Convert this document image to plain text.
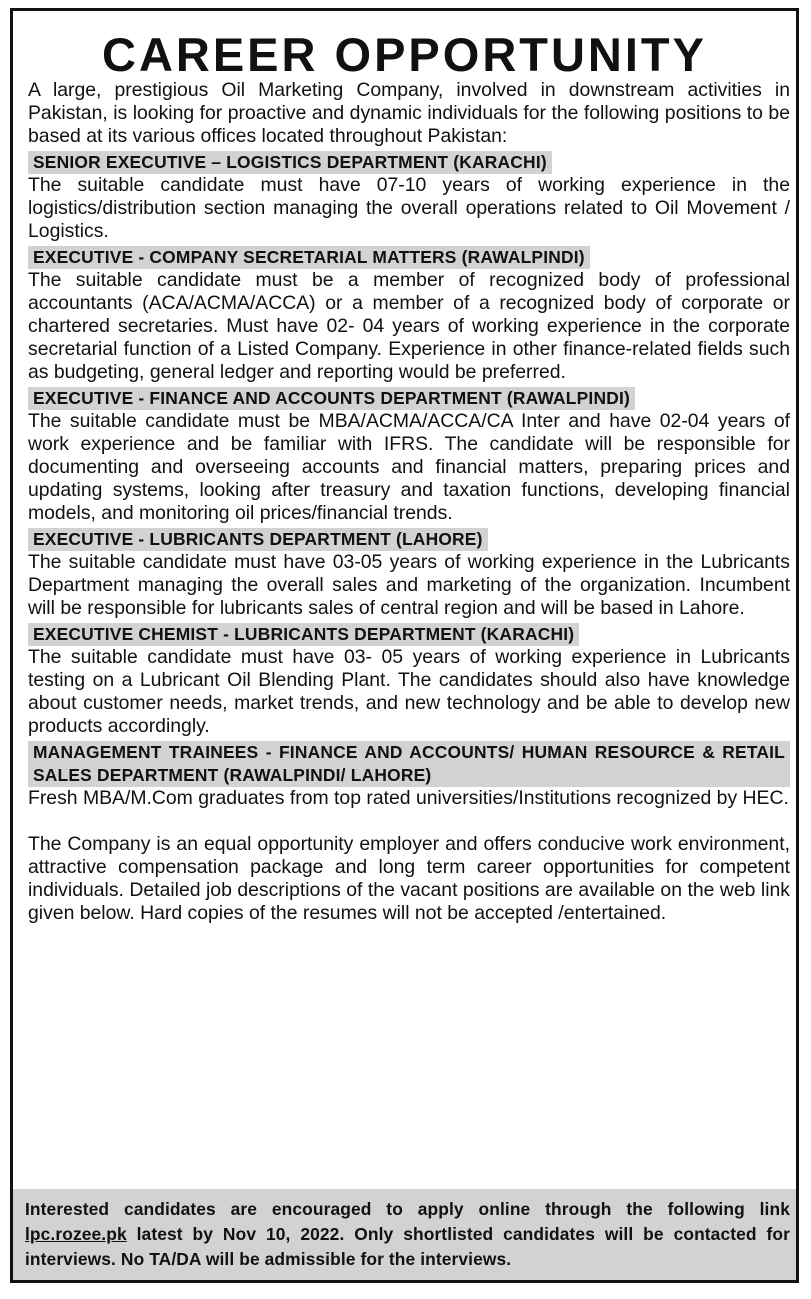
CAREER OPPORTUNITY

A large, prestigious Oil Marketing Company, involved in downstream activities in Pakistan, is looking for proactive and dynamic individuals for the following positions to be based at its various offices located throughout Pakistan:

SENIOR EXECUTIVE – LOGISTICS DEPARTMENT (KARACHI)

The suitable candidate must have 07-10 years of working experience in the logistics/distribution section managing the overall operations related to Oil Movement / Logistics.

EXECUTIVE - COMPANY SECRETARIAL MATTERS (RAWALPINDI)

The suitable candidate must be a member of recognized body of professional accountants (ACA/ACMA/ACCA) or a member of a recognized body of corporate or chartered secretaries. Must have 02- 04 years of working experience in the corporate secretarial function of a Listed Company. Experience in other finance-related fields such as budgeting, general ledger and reporting would be preferred.

EXECUTIVE - FINANCE AND ACCOUNTS DEPARTMENT (RAWALPINDI)

The suitable candidate must be MBA/ACMA/ACCA/CA Inter and have 02-04 years of work experience and be familiar with IFRS. The candidate will be responsible for documenting and overseeing accounts and financial matters, preparing prices and updating systems, looking after treasury and taxation functions, developing financial models, and monitoring oil prices/financial trends.

EXECUTIVE - LUBRICANTS DEPARTMENT (LAHORE)

The suitable candidate must have 03-05 years of working experience in the Lubricants Department managing the overall sales and marketing of the organization. Incumbent will be responsible for lubricants sales of central region and will be based in Lahore.

EXECUTIVE CHEMIST - LUBRICANTS DEPARTMENT (KARACHI)

The suitable candidate must have 03- 05 years of working experience in Lubricants testing on a Lubricant Oil Blending Plant. The candidates should also have knowledge about customer needs, market trends, and new technology and be able to develop new products accordingly.

MANAGEMENT TRAINEES - FINANCE AND ACCOUNTS/ HUMAN RESOURCE & RETAIL SALES DEPARTMENT (RAWALPINDI/ LAHORE)

Fresh MBA/M.Com graduates from top rated universities/Institutions recognized by HEC.

The Company is an equal opportunity employer and offers conducive work environment, attractive compensation package and long term career opportunities for competent individuals. Detailed job descriptions of the vacant positions are available on the web link given below. Hard copies of the resumes will not be accepted /entertained.

Interested candidates are encouraged to apply online through the following link lpc.rozee.pk latest by Nov 10, 2022. Only shortlisted candidates will be contacted for interviews. No TA/DA will be admissible for the interviews.
